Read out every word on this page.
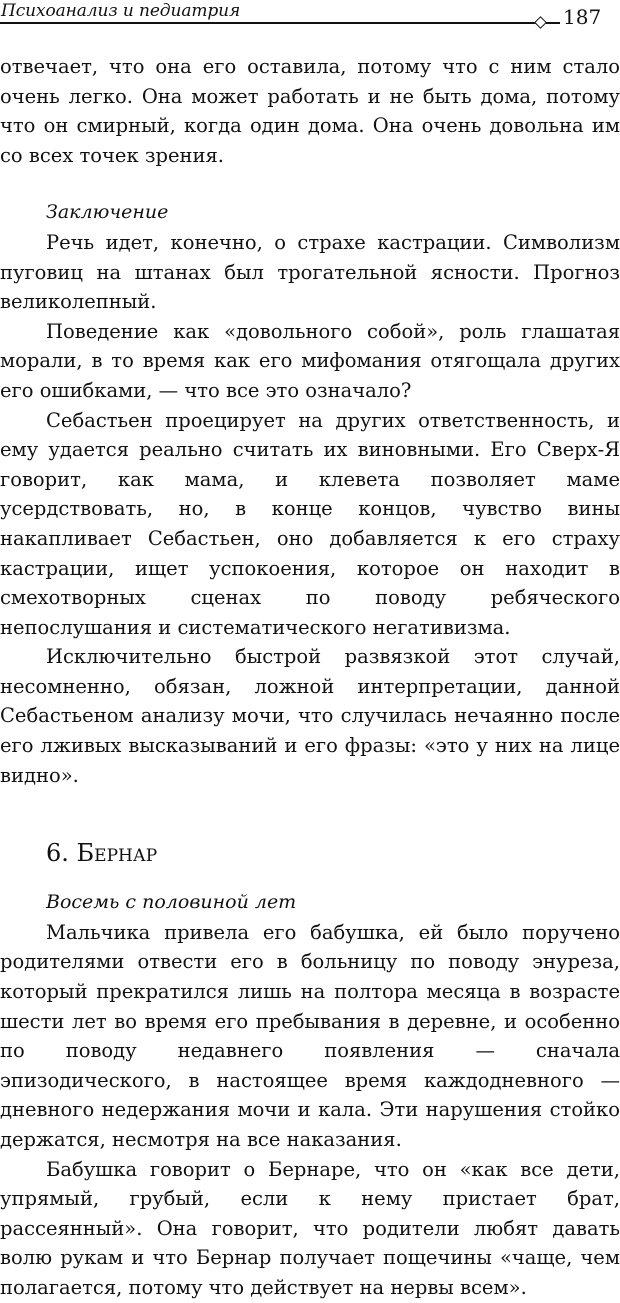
Психоанализ и педиатрия	187

отвечает, что она его оставила, потому что с ним стало очень легко. Она может работать и не быть дома, потому что он смирный, когда один дома. Она очень довольна им со всех точек зрения.

Заключение

Речь идет, конечно, о страхе кастрации. Символизм пуговиц на штанах был трогательной ясности. Прогноз великолепный.

Поведение как «довольного собой», роль глашатая морали, в то время как его мифомания отягощала других его ошибками, — что все это означало?

Себастьен проецирует на других ответственность, и ему удается реально считать их виновными. Его Сверх-Я говорит, как мама, и клевета позволяет маме усердствовать, но, в конце концов, чувство вины накапливает Себастьен, оно добавляется к его страху кастрации, ищет успокоения, которое он находит в смехотворных сценах по поводу ребяческого непослушания и систематического негативизма.

Исключительно быстрой развязкой этот случай, несомненно, обязан, ложной интерпретации, данной Себастьеном анализу мочи, что случилась нечаянно после его лживых высказываний и его фразы: «это у них на лице видно».

6. Бернар
Восемь с половиной лет

Мальчика привела его бабушка, ей было поручено родителями отвести его в больницу по поводу энуреза, который прекратился лишь на полтора месяца в возрасте шести лет во время его пребывания в деревне, и особенно по поводу недавнего появления — сначала эпизодического, в настоящее время каждодневного — дневного недержания мочи и кала. Эти нарушения стойко держатся, несмотря на все наказания.

Бабушка говорит о Бернаре, что он «как все дети, упрямый, грубый, если к нему пристает брат, рассеянный». Она говорит, что родители любят давать волю рукам и что Бернар получает пощечины «чаще, чем полагается, потому что действует на нервы всем».
